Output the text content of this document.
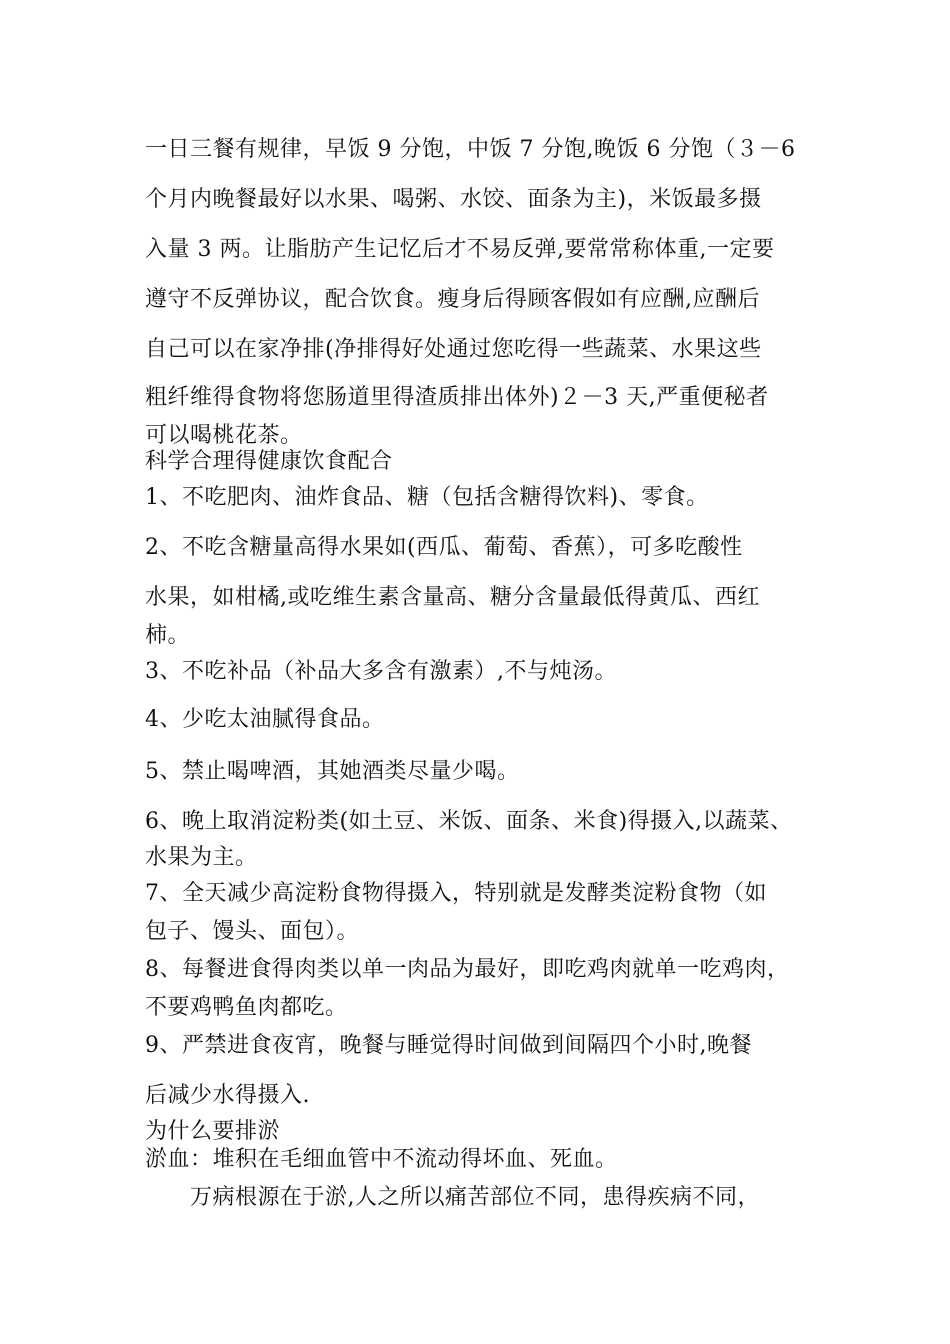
一日三餐有规律，早饭 9 分饱，中饭 7 分饱,晚饭 6 分饱（３－6
个月内晚餐最好以水果、喝粥、水饺、面条为主)，米饭最多摄
入量 3 两。让脂肪产生记忆后才不易反弹,要常常称体重,一定要
遵守不反弹协议，配合饮食。瘦身后得顾客假如有应酬,应酬后
自己可以在家净排(净排得好处通过您吃得一些蔬菜、水果这些
粗纤维得食物将您肠道里得渣质排出体外)２－3 天,严重便秘者
可以喝桃花茶。
科学合理得健康饮食配合
1、不吃肥肉、油炸食品、糖（包括含糖得饮料)、零食。
2、不吃含糖量高得水果如(西瓜、葡萄、香蕉），可多吃酸性
水果，如柑橘,或吃维生素含量高、糖分含量最低得黄瓜、西红
柿。
3、不吃补品（补品大多含有激素）,不与炖汤。
4、少吃太油腻得食品。
5、禁止喝啤酒，其她酒类尽量少喝。
6、晚上取消淀粉类(如土豆、米饭、面条、米食)得摄入,以蔬菜、
水果为主。
7、全天减少高淀粉食物得摄入，特别就是发酵类淀粉食物（如
包子、馒头、面包）。
8、每餐进食得肉类以单一肉品为最好，即吃鸡肉就单一吃鸡肉，
不要鸡鸭鱼肉都吃。
9、严禁进食夜宵，晚餐与睡觉得时间做到间隔四个小时,晚餐
后减少水得摄入.
为什么要排淤
淤血：堆积在毛细血管中不流动得坏血、死血。
万病根源在于淤,人之所以痛苦部位不同，患得疾病不同，
